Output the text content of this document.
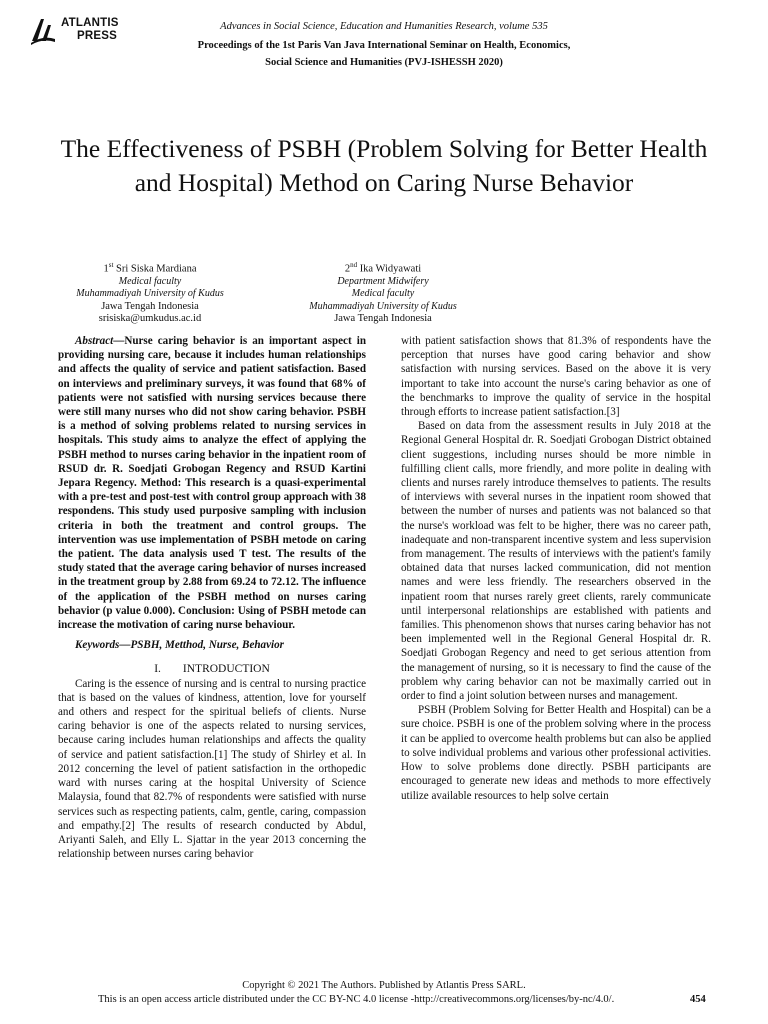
ATLANTIS
PRESS
Advances in Social Science, Education and Humanities Research, volume 535
Proceedings of the 1st Paris Van Java International Seminar on Health, Economics,
Social Science and Humanities (PVJ-ISHESSH 2020)
The Effectiveness of PSBH (Problem Solving for Better Health and Hospital) Method on Caring Nurse Behavior
1st Sri Siska Mardiana
Medical faculty
Muhammadiyah University of Kudus
Jawa Tengah Indonesia
srisiska@umkudus.ac.id
2nd Ika Widyawati
Department Midwifery
Medical faculty
Muhammadiyah University of Kudus
Jawa Tengah Indonesia

Abstract—Nurse caring behavior is an important aspect in providing nursing care, because it includes human relationships and affects the quality of service and patient satisfaction. Based on interviews and preliminary surveys, it was found that 68% of patients were not satisfied with nursing services because there were still many nurses who did not show caring behavior. PSBH is a method of solving problems related to nursing services in hospitals. This study aims to analyze the effect of applying the PSBH method to nurses caring behavior in the inpatient room of RSUD dr. R. Soedjati Grobogan Regency and RSUD Kartini Jepara Regency. Method: This research is a quasi-experimental with a pre-test and post-test with control group approach with 38 respondens. This study used purposive sampling with inclusion criteria in both the treatment and control groups. The intervention was use implementation of PSBH metode on caring the patient. The data analysis used T test. The results of the study stated that the average caring behavior of nurses increased in the treatment group by 2.88 from 69.24 to 72.12. The influence of the application of the PSBH method on nurses caring behavior (p value 0.000). Conclusion: Using of PSBH metode can increase the motivation of caring nurse behaviour.

Keywords—PSBH, Metthod, Nurse, Behavior

I. INTRODUCTION

Caring is the essence of nursing and is central to nursing practice that is based on the values of kindness, attention, love for yourself and others and respect for the spiritual beliefs of clients. Nurse caring behavior is one of the aspects related to nursing services, because caring includes human relationships and affects the quality of service and patient satisfaction.[1] The study of Shirley et al. In 2012 concerning the level of patient satisfaction in the orthopedic ward with nurses caring at the hospital University of Science Malaysia, found that 82.7% of respondents were satisfied with nurse services such as respecting patients, calm, gentle, caring, compassion and empathy.[2] The results of research conducted by Abdul, Ariyanti Saleh, and Elly L. Sjattar in the year 2013 concerning the relationship between nurses caring behavior

with patient satisfaction shows that 81.3% of respondents have the perception that nurses have good caring behavior and show satisfaction with nursing services. Based on the above it is very important to take into account the nurse's caring behavior as one of the benchmarks to improve the quality of service in the hospital through efforts to increase patient satisfaction.[3]

Based on data from the assessment results in July 2018 at the Regional General Hospital dr. R. Soedjati Grobogan District obtained client suggestions, including nurses should be more nimble in fulfilling client calls, more friendly, and more polite in dealing with clients and nurses rarely introduce themselves to patients. The results of interviews with several nurses in the inpatient room showed that between the number of nurses and patients was not balanced so that the nurse's workload was felt to be higher, there was no career path, inadequate and non-transparent incentive system and less supervision from management. The results of interviews with the patient's family obtained data that nurses lacked communication, did not mention names and were less friendly. The researchers observed in the inpatient room that nurses rarely greet clients, rarely communicate until interpersonal relationships are established with patients and families. This phenomenon shows that nurses caring behavior has not been implemented well in the Regional General Hospital dr. R. Soedjati Grobogan Regency and need to get serious attention from the management of nursing, so it is necessary to find the cause of the problem why caring behavior can not be maximally carried out in order to find a joint solution between nurses and management.

PSBH (Problem Solving for Better Health and Hospital) can be a sure choice. PSBH is one of the problem solving where in the process it can be applied to overcome health problems but can also be applied to solve individual problems and various other professional activities. How to solve problems done directly. PSBH participants are encouraged to generate new ideas and methods to more effectively utilize available resources to help solve certain

Copyright © 2021 The Authors. Published by Atlantis Press SARL.
This is an open access article distributed under the CC BY-NC 4.0 license -http://creativecommons.org/licenses/by-nc/4.0/.	454
